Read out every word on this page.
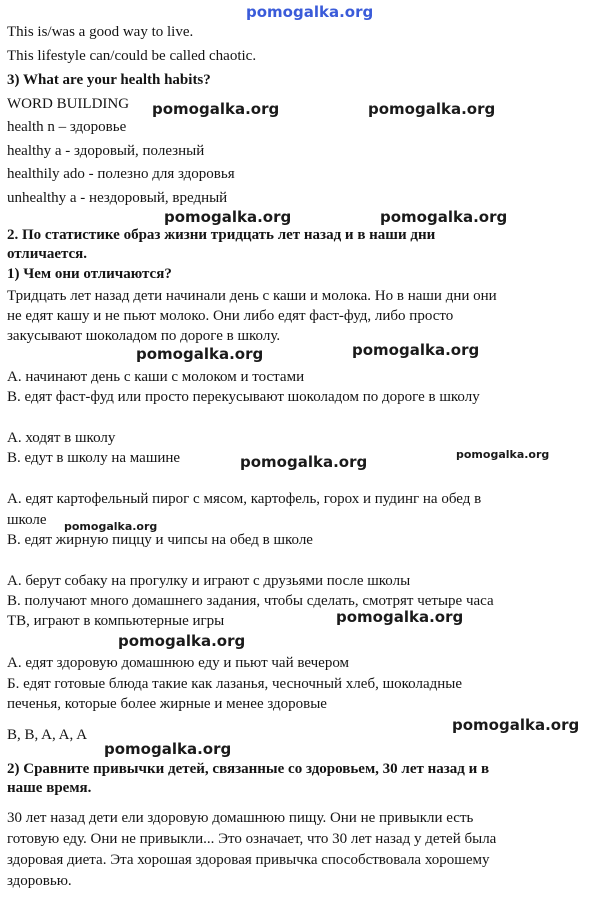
pomogalka.org
This is/was a good way to live.
This lifestyle can/could be called chaotic.
3) What are your health habits?
WORD BUILDING pomogalka.org	pomogalka.org
health n – здоровье
healthy a - здоровый, полезный
healthily ado - полезно для здоровья
unhealthy a - нездоровый, вредный
pomogalka.org	pomogalka.org
2. По статистике образ жизни тридцать лет назад и в наши дни
отличается.
1) Чем они отличаются?
Тридцать лет назад дети начинали день с каши и молока. Но в наши дни они
не едят кашу и не пьют молоко. Они либо едят фаст-фуд, либо просто
закусывают шоколадом по дороге в школу.
pomogalka.org	pomogalka.org
А. начинают день с каши с молоком и тостами
В. едят фаст-фуд или просто перекусывают шоколадом по дороге в школу
А. ходят в школу
В. едут в школу на машине	pomogalka.org	pomogalka.org
А. едят картофельный пирог с мясом, картофель, горох и пудинг на обед в
школе pomogalka.org
В. едят жирную пиццу и чипсы на обед в школе
А. берут собаку на прогулку и играют с друзьями после школы
В. получают много домашнего задания, чтобы сделать, смотрят четыре часа
ТВ, играют в компьютерные игры	pomogalka.org
pomogalka.org
А. едят здоровую домашнюю еду и пьют чай вечером
Б. едят готовые блюда такие как лазанья, чесночный хлеб, шоколадные
печенья, которые более жирные и менее здоровые
pomogalka.org
B, B, A, A, A
pomogalka.org
2) Сравните привычки детей, связанные со здоровьем, 30 лет назад и в
наше время.
30 лет назад дети ели здоровую домашнюю пищу. Они не привыкли есть
готовую еду. Они не привыкли... Это означает, что 30 лет назад у детей была
здоровая диета. Эта хорошая здоровая привычка способствовала хорошему
здоровью.
